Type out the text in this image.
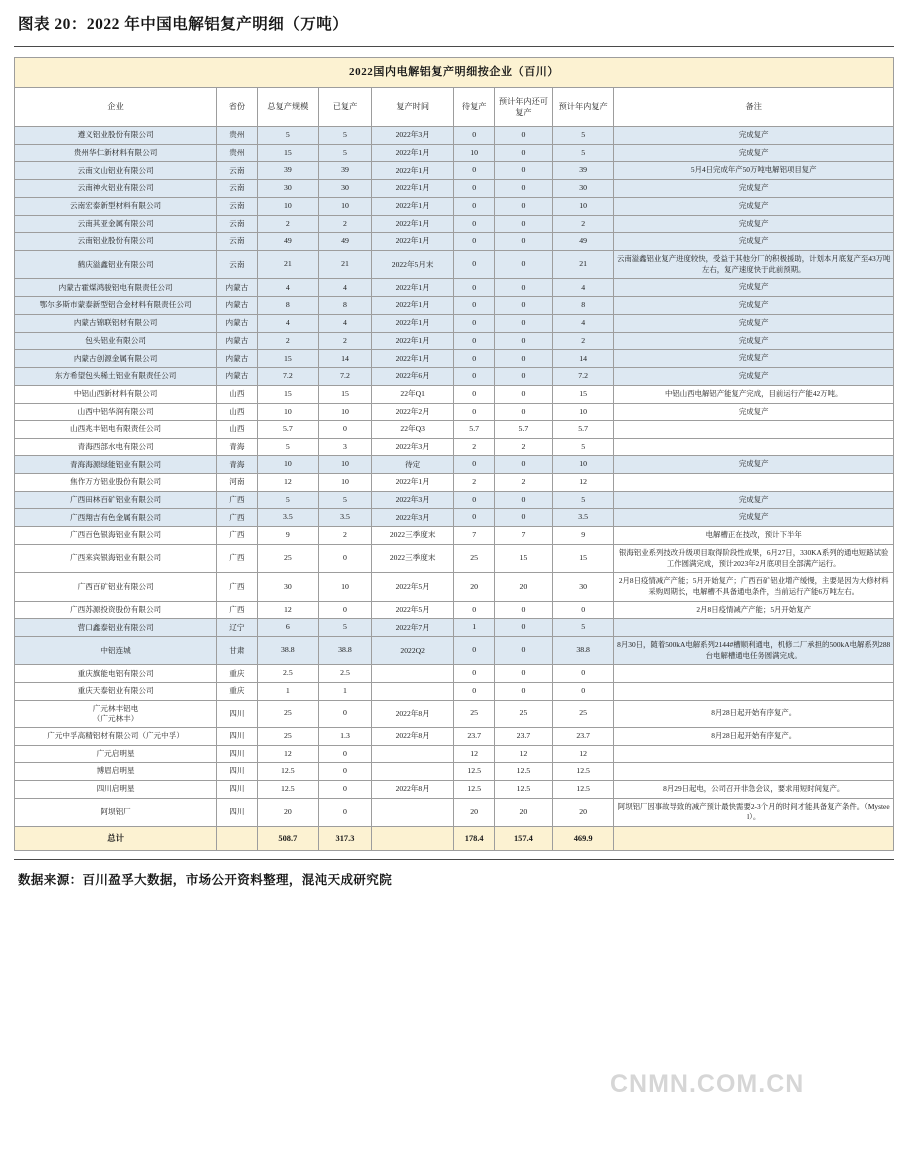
图表 20：2022 年中国电解铝复产明细（万吨）
2022国内电解铝复产明细按企业（百川）								
企业	省份	总复产规模	已复产	复产时间	待复产	预计年内还可复产	预计年内复产	备注
遵义铝业股份有限公司	贵州	5	5	2022年3月	0	0	5	完成复产
贵州华仁新材料有限公司	贵州	15	5	2022年1月	10	0	5	完成复产
云南文山铝业有限公司	云南	39	39	2022年1月	0	0	39	5月4日完成年产50万吨电解铝项目复产
云南神火铝业有限公司	云南	30	30	2022年1月	0	0	30	完成复产
云南宏泰新型材料有限公司	云南	10	10	2022年1月	0	0	10	完成复产
云南其亚金属有限公司	云南	2	2	2022年1月	0	0	2	完成复产
云南铝业股份有限公司	云南	49	49	2022年1月	0	0	49	完成复产
鹤庆溢鑫铝业有限公司	云南	21	21	2022年5月末	0	0	21	云南溢鑫铝业复产进度较快，受益于其他分厂的积极援助，计划本月底复产至43万吨左右，复产速度快于此前预期。
内蒙古霍煤鸿骏铝电有限责任公司	内蒙古	4	4	2022年1月	0	0	4	完成复产
鄂尔多斯市蒙泰新型铝合金材料有限责任公司	内蒙古	8	8	2022年1月	0	0	8	完成复产
内蒙古锦联铝材有限公司	内蒙古	4	4	2022年1月	0	0	4	完成复产
包头铝业有限公司	内蒙古	2	2	2022年1月	0	0	2	完成复产
内蒙古创源金属有限公司	内蒙古	15	14	2022年1月	0	0	14	完成复产
东方希望包头稀土铝业有限责任公司	内蒙古	7.2	7.2	2022年6月	0	0	7.2	完成复产
中铝山西新材料有限公司	山西	15	15	22年Q1	0	0	15	中铝山西电解铝产能复产完成，目前运行产能42万吨。
山西中铝华润有限公司	山西	10	10	2022年2月	0	0	10	完成复产
山西兆丰铝电有限责任公司	山西	5.7	0	22年Q3	5.7	5.7	5.7	
青海西部水电有限公司	青海	5	3	2022年3月	2	2	5	
青海海源绿能铝业有限公司	青海	10	10	待定	0	0	10	完成复产
焦作万方铝业股份有限公司	河南	12	10	2022年1月	2	2	12	
广西田林百矿铝业有限公司	广西	5	5	2022年3月	0	0	5	完成复产
广西翔吉有色金属有限公司	广西	3.5	3.5	2022年3月	0	0	3.5	完成复产
广西百色银海铝业有限公司	广西	9	2	2022三季度末	7	7	9	电解槽正在技改，预计下半年
广西来宾银海铝业有限公司	广西	25	0	2022三季度末	25	15	15	银海铝业系列技改升级项目取得阶段性成果，6月27日，330KA系列的通电短路试验工作圆满完成，预计2023年2月底项目全部满产运行。
广西百矿铝业有限公司	广西	30	10	2022年5月	20	20	30	2月8日疫情减产产能；5月开始复产；广西百矿铝业增产缓慢，主要是因为大修材料采购周期长，电解槽不具备通电条件，当前运行产能6万吨左右。
广西苏源投资股份有限公司	广西	12	0	2022年5月	0	0	0	2月8日疫情减产产能；5月开始复产
营口鑫泰铝业有限公司	辽宁	6	5	2022年7月	1	0	5	
中铝连城	甘肃	38.8	38.8	2022Q2	0	0	38.8	8月30日，随着500kA电解系列2144#槽顺利通电，机修二厂承担的500kA电解系列288台电解槽通电任务圆满完成。
重庆旗能电铝有限公司	重庆	2.5	2.5		0	0	0	
重庆天泰铝业有限公司	重庆	1	1		0	0	0	
广元林丰铝电
（广元林丰）	四川	25	0	2022年8月	25	25	25	8月28日起开始有序复产。
广元中孚高精铝材有限公司（广元中孚）	四川	25	1.3	2022年8月	23.7	23.7	23.7	8月28日起开始有序复产。
广元启明星	四川	12	0		12	12	12	
博眉启明星	四川	12.5	0		12.5	12.5	12.5	
四川启明星	四川	12.5	0	2022年8月	12.5	12.5	12.5	8月29日起电，公司召开非急会议，要求用短时间复产。
阿坝铝厂	四川	20	0		20	20	20	阿坝铝厂因事故导致的减产预计最快需要2-3个月的时间才能具备复产条件。（Mysteel）。
总计		508.7	317.3		178.4	157.4	469.9	
CNMN.COM.CN
数据来源：百川盈孚大数据，市场公开资料整理，混沌天成研究院
